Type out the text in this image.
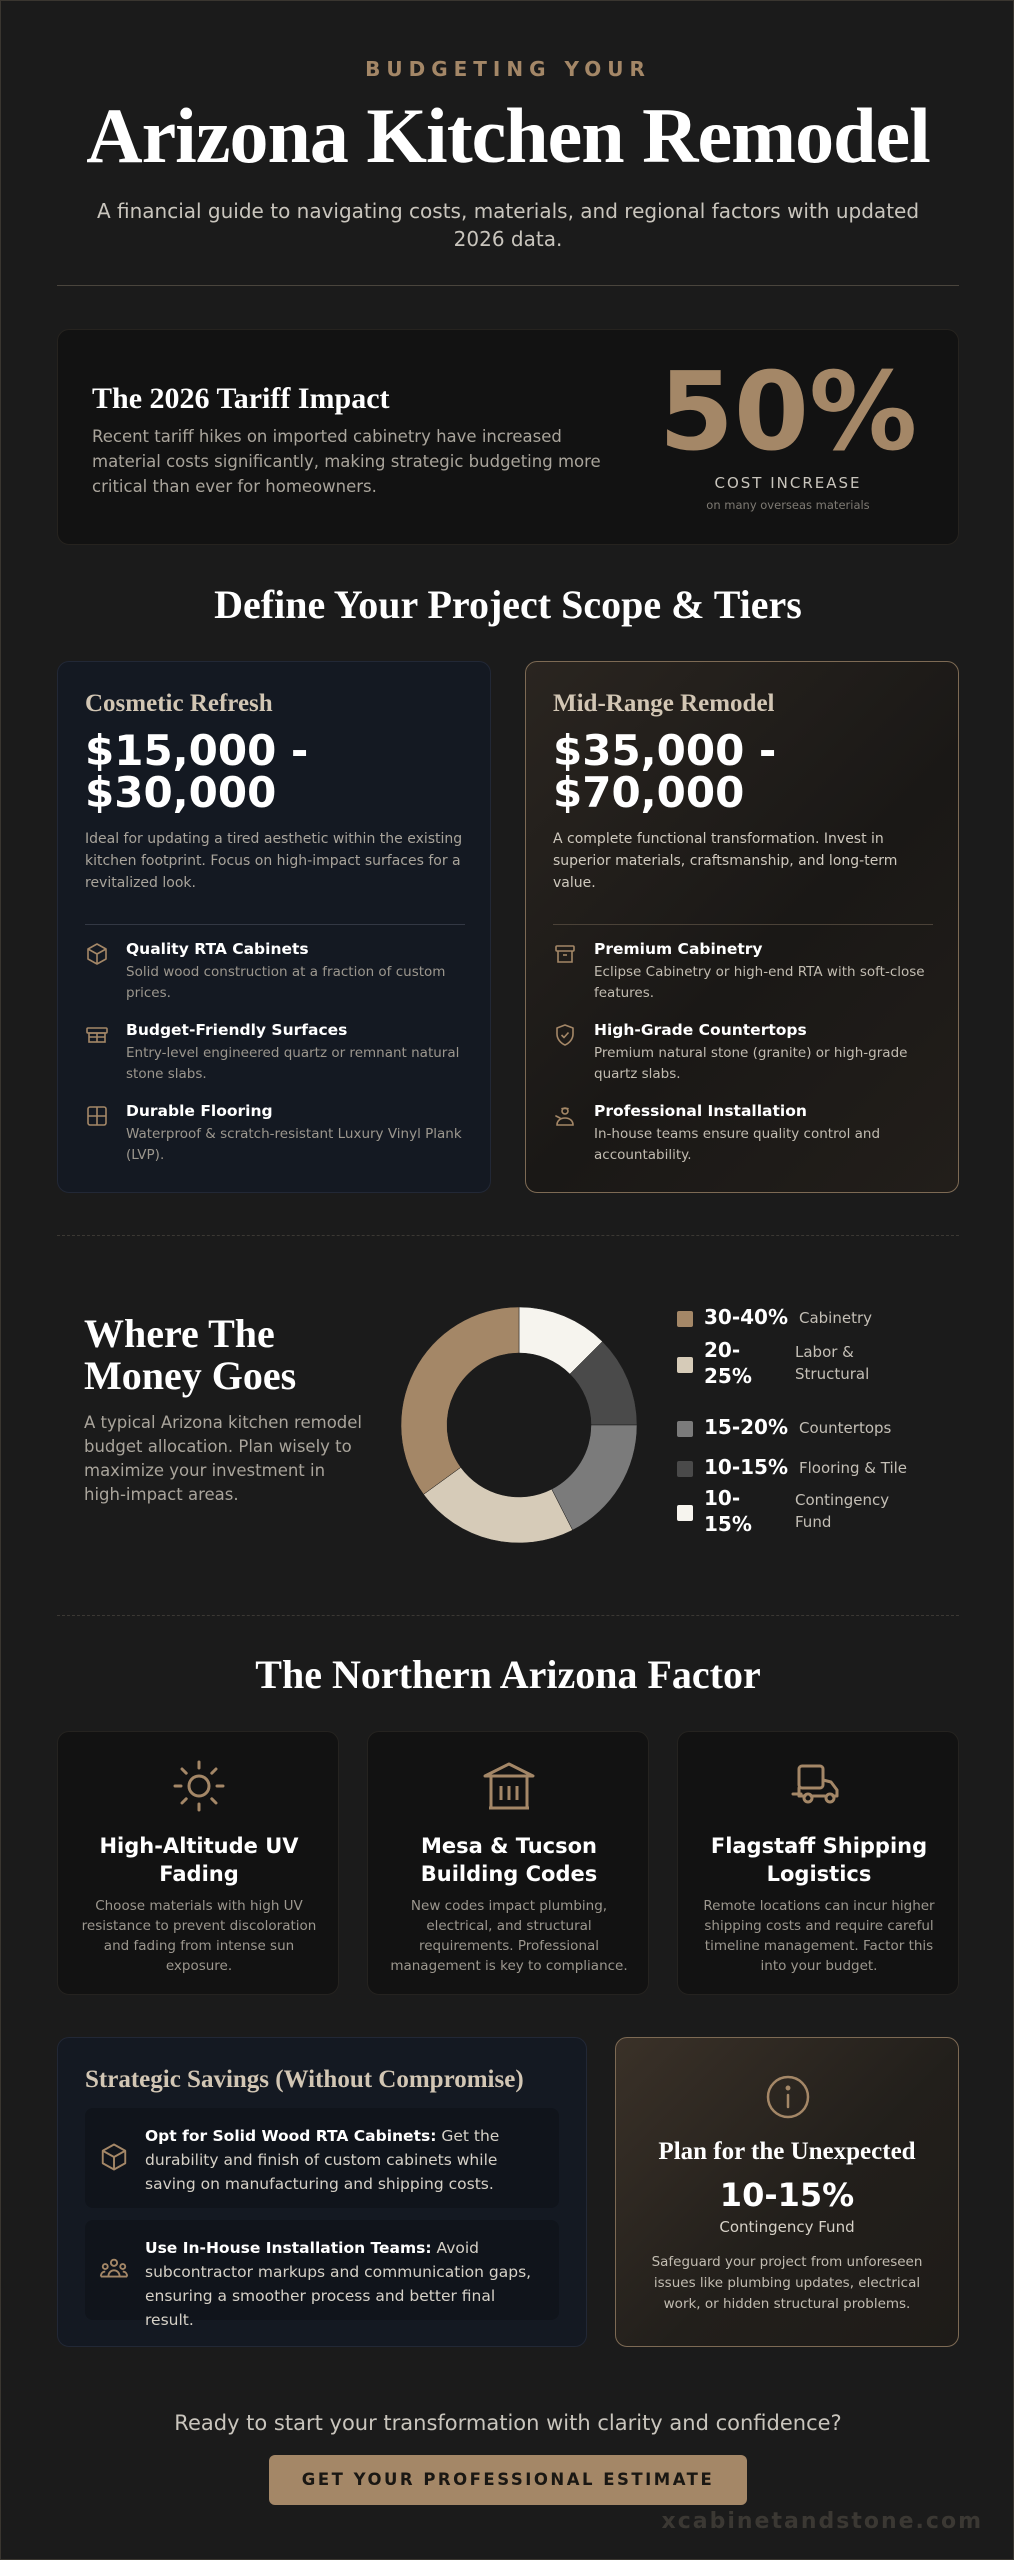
BUDGETING YOUR
Arizona Kitchen Remodel

A financial guide to navigating costs, materials, and regional factors with updated 2026 data.

The 2026 Tariff Impact

Recent tariff hikes on imported cabinetry have increased material costs significantly, making strategic budgeting more critical than ever for homeowners.

50%
COST INCREASE
on many overseas materials
Define Your Project Scope & Tiers
Cosmetic Refresh
$15,000 - $30,000

Ideal for updating a tired aesthetic within the existing kitchen footprint. Focus on high-impact surfaces for a revitalized look.

Quality RTA Cabinets
Solid wood construction at a fraction of custom prices.
Budget-Friendly Surfaces
Entry-level engineered quartz or remnant natural stone slabs.
Durable Flooring
Waterproof & scratch-resistant Luxury Vinyl Plank (LVP).
Mid-Range Remodel
$35,000 - $70,000

A complete functional transformation. Invest in superior materials, craftsmanship, and long-term value.

Premium Cabinetry
Eclipse Cabinetry or high-end RTA with soft-close features.
High-Grade Countertops
Premium natural stone (granite) or high-grade quartz slabs.
Professional Installation
In-house teams ensure quality control and accountability.
Where The Money Goes

A typical Arizona kitchen remodel budget allocation. Plan wisely to maximize your investment in high-impact areas.

30-40% Cabinetry
20-25%
Labor & Structural
15-20% Countertops
10-15% Flooring & Tile
10-15%
Contingency Fund
The Northern Arizona Factor
High-Altitude UV Fading
Choose materials with high UV resistance to prevent discoloration and fading from intense sun exposure.
Mesa & Tucson Building Codes
New codes impact plumbing, electrical, and structural requirements. Professional management is key to compliance.
Flagstaff Shipping Logistics
Remote locations can incur higher shipping costs and require careful timeline management. Factor this into your budget.
Strategic Savings (Without Compromise)
Opt for Solid Wood RTA Cabinets: Get the durability and finish of custom cabinets while saving on manufacturing and shipping costs.
Use In-House Installation Teams: Avoid subcontractor markups and communication gaps, ensuring a smoother process and better final result.
Plan for the Unexpected
10-15%
Contingency Fund
Safeguard your project from unforeseen issues like plumbing updates, electrical work, or hidden structural problems.
Ready to start your transformation with clarity and confidence?
GET YOUR PROFESSIONAL ESTIMATE
xcabinetandstone.com
